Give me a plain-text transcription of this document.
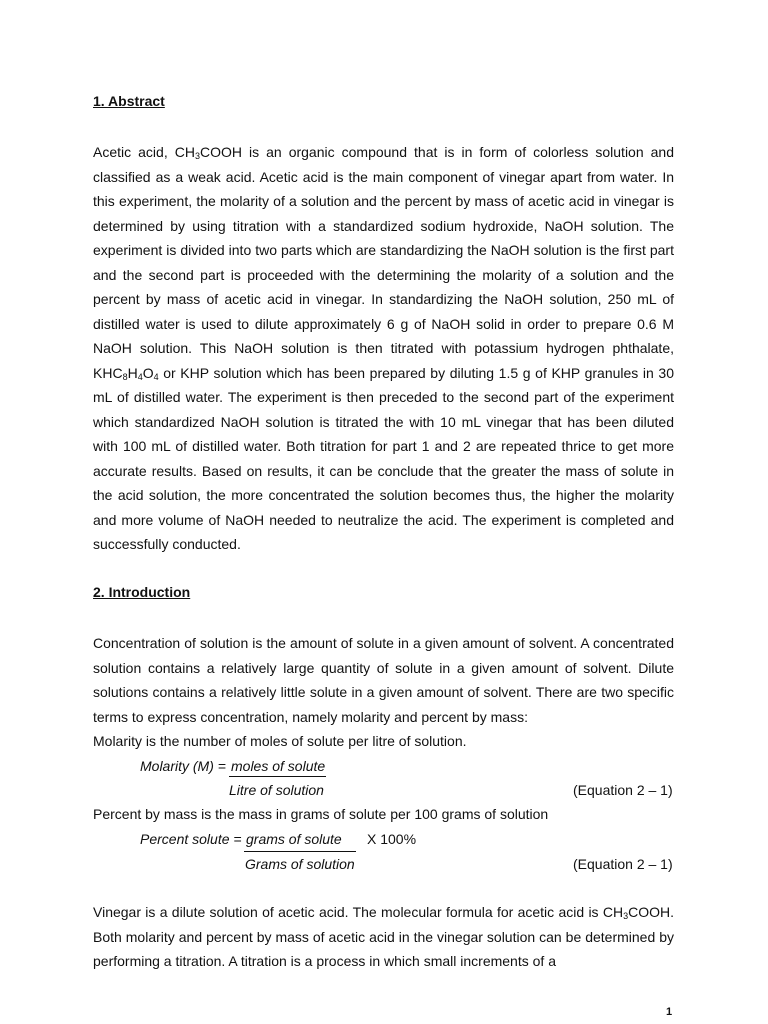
1. Abstract

Acetic acid, $CH_3COOH$ is an organic compound that is in form of colorless solution and classified as a weak acid. Acetic acid is the main component of vinegar apart from water. In this experiment, the molarity of a solution and the percent by mass of acetic acid in vinegar is determined by using titration with a standardized sodium hydroxide, NaOH solution. The experiment is divided into two parts which are standardizing the NaOH solution is the first part and the second part is proceeded with the determining the molarity of a solution and the percent by mass of acetic acid in vinegar. In standardizing the NaOH solution, 250 mL of distilled water is used to dilute approximately 6 g of NaOH solid in order to prepare 0.6 M NaOH solution. This NaOH solution is then titrated with potassium hydrogen phthalate, $KHC_8H_4O_4$ or KHP solution which has been prepared by diluting 1.5 g of KHP granules in 30 mL of distilled water. The experiment is then preceded to the second part of the experiment which standardized NaOH solution is titrated the with 10 mL vinegar that has been diluted with 100 mL of distilled water. Both titration for part 1 and 2 are repeated thrice to get more accurate results. Based on results, it can be conclude that the greater the mass of solute in the acid solution, the more concentrated the solution becomes thus, the higher the molarity and more volume of NaOH needed to neutralize the acid. The experiment is completed and successfully conducted.

2. Introduction

Concentration of solution is the amount of solute in a given amount of solvent. A concentrated solution contains a relatively large quantity of solute in a given amount of solvent. Dilute solutions contains a relatively little solute in a given amount of solvent. There are two specific terms to express concentration, namely molarity and percent by mass:

Molarity is the number of moles of solute per litre of solution.

Molarity (M) = moles of solute

Litre of solution	(Equation 2 – 1)

Percent by mass is the mass in grams of solute per 100 grams of solution

Percent solute = grams of solute X 100%

Grams of solution	(Equation 2 – 1)

Vinegar is a dilute solution of acetic acid. The molecular formula for acetic acid is $CH_3COOH$. Both molarity and percent by mass of acetic acid in the vinegar solution can be determined by performing a titration. A titration is a process in which small increments of a

1
